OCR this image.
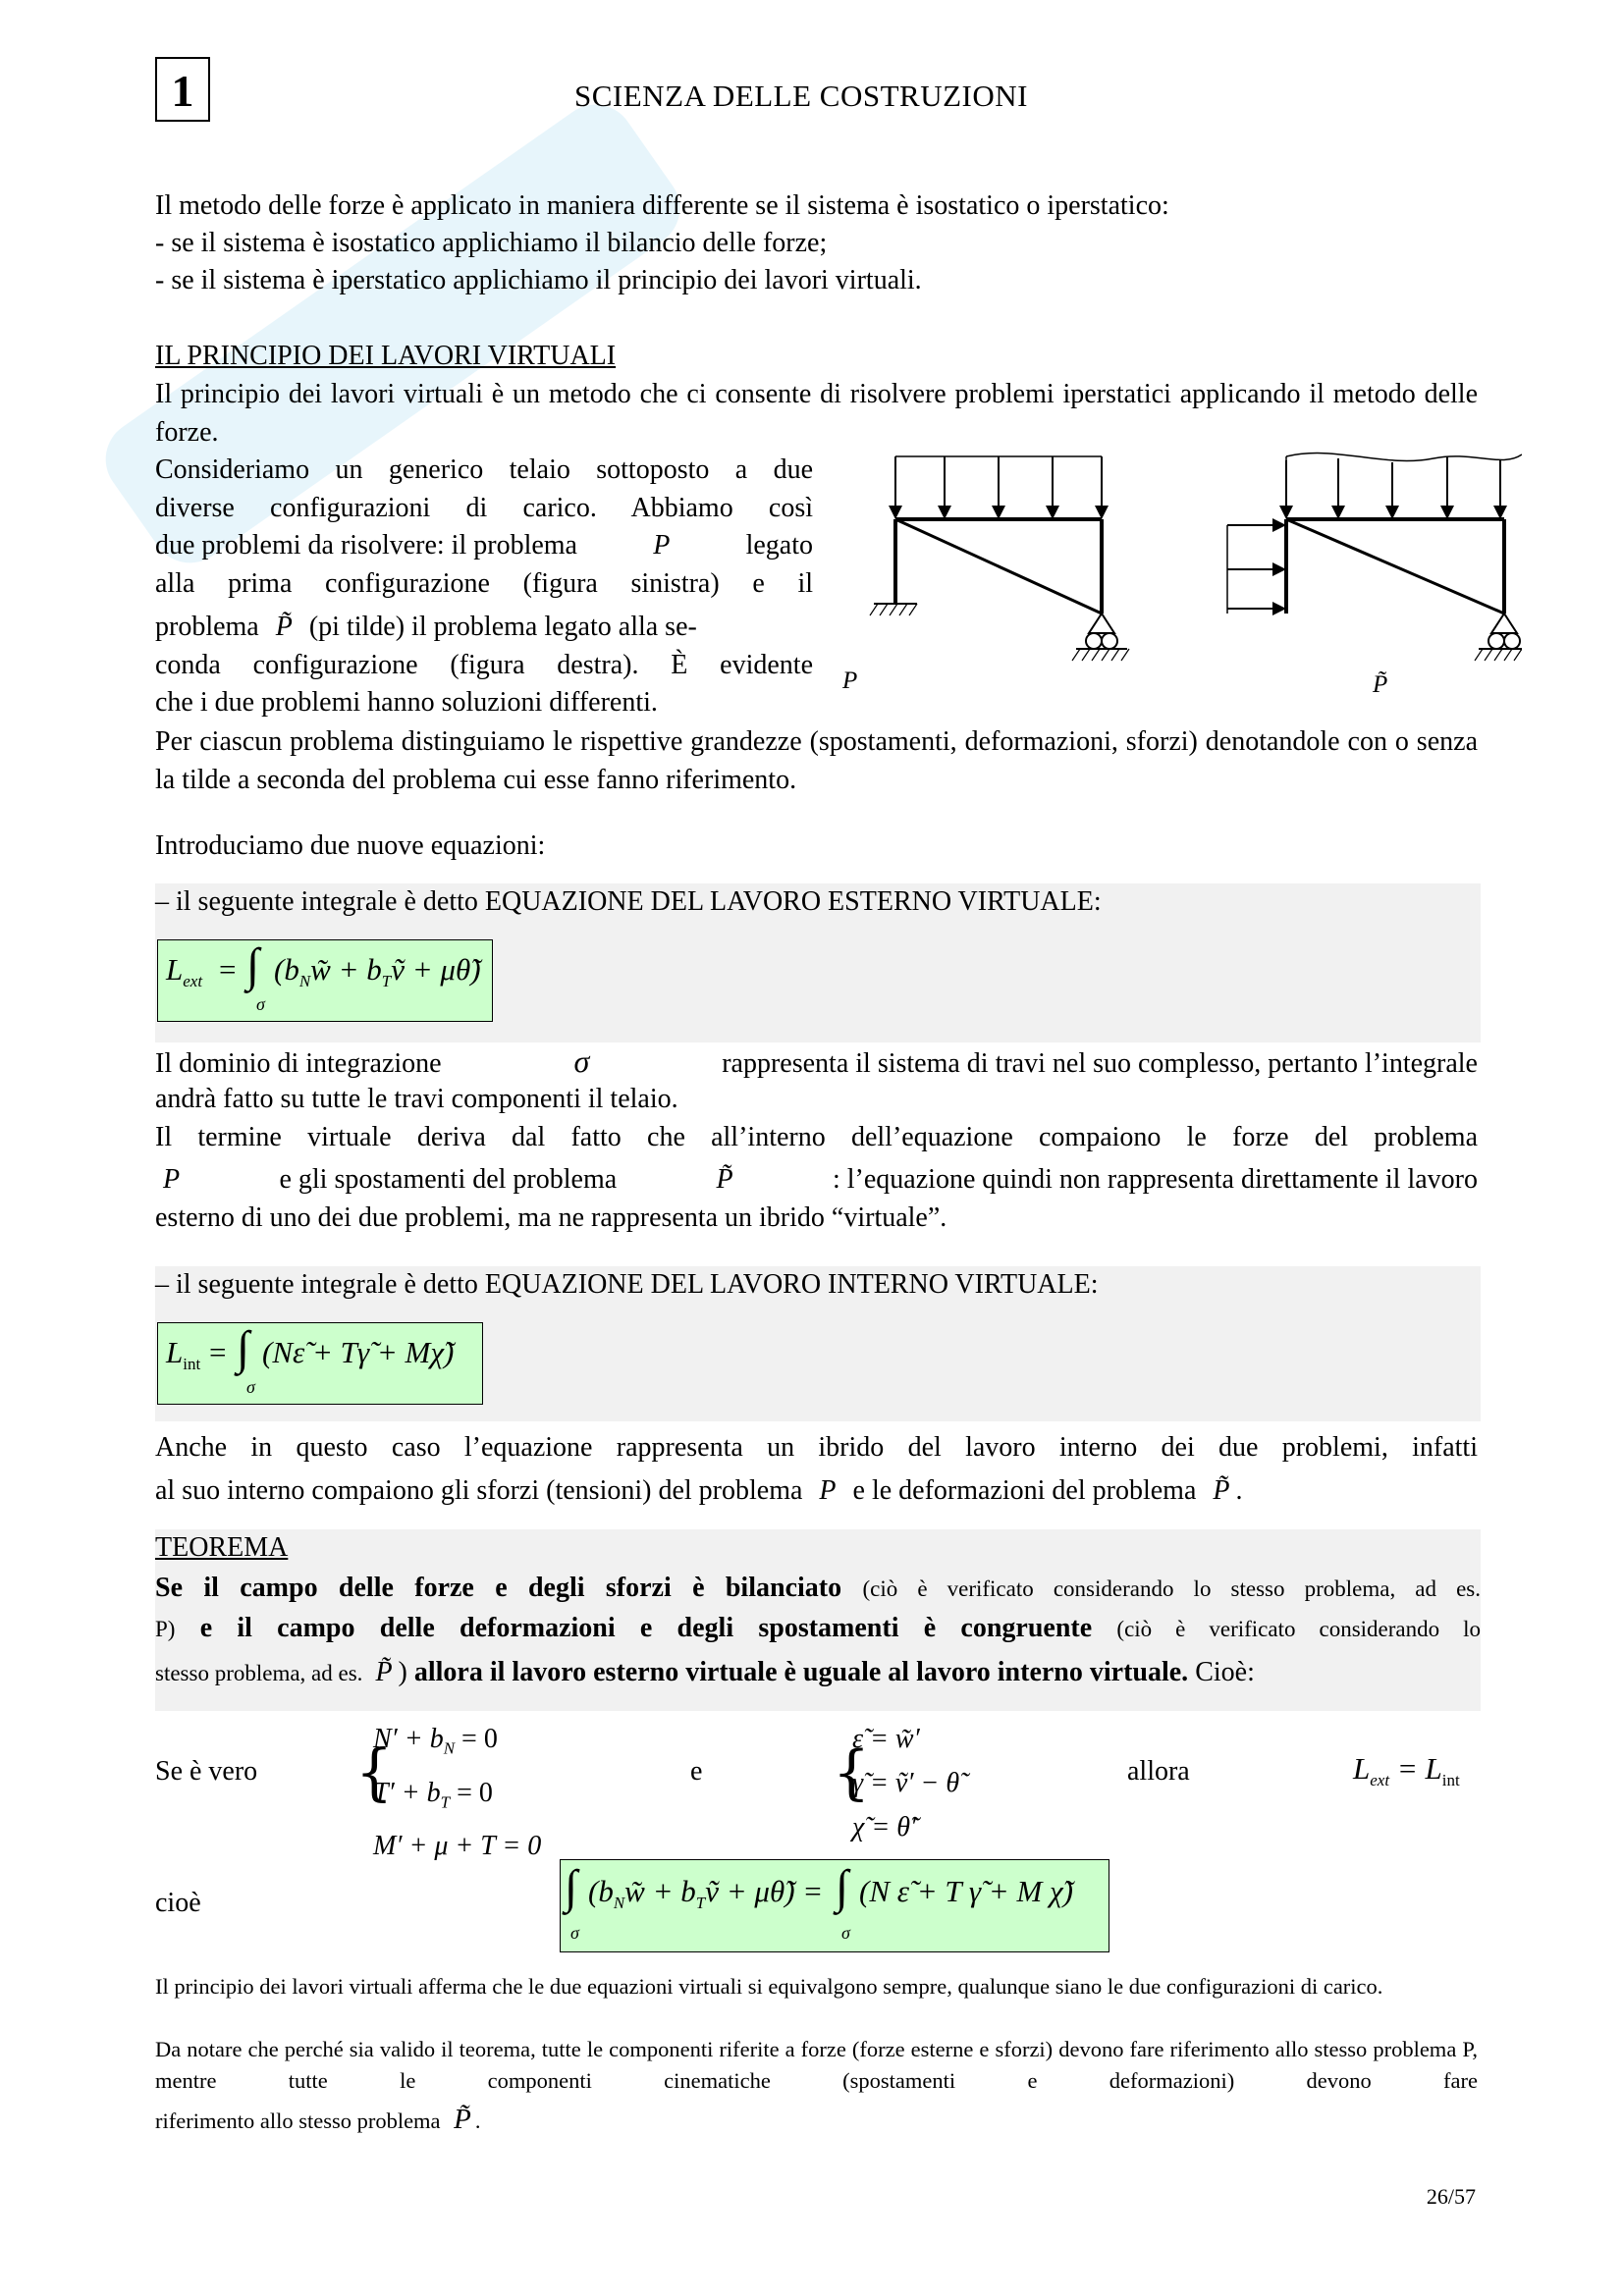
1	SCIENZA DELLE COSTRUZIONI
Il metodo delle forze è applicato in maniera differente se il sistema è isostatico o iperstatico:
- se il sistema è isostatico applichiamo il bilancio delle forze;
- se il sistema è iperstatico applichiamo il principio dei lavori virtuali.
IL PRINCIPIO DEI LAVORI VIRTUALI
Il principio dei lavori virtuali è un metodo che ci consente di risolvere problemi iperstatici applicando il metodo delle forze.
Consideriamo un generico telaio sottoposto a due
diverse configurazioni di carico. Abbiamo così
due problemi da risolvere: il problema	P	legato
alla prima configurazione (figura sinistra) e il
problema P̃ (pi tilde) il problema legato alla se-
conda configurazione (figura destra). È evidente
che i due problemi hanno soluzioni differenti.
P	P̃
Per ciascun problema distinguiamo le rispettive grandezze (spostamenti, deformazioni, sforzi) denotandole con o senza la tilde a seconda del problema cui esse fanno riferimento.
Introduciamo due nuove equazioni:
– il seguente integrale è detto EQUAZIONE DEL LAVORO ESTERNO VIRTUALE:
$L_{ext}$ = ∫
σ
($b_Nw̃$ + $b_Tṽ$ + μθ̃)
Il dominio di integrazione	σ	rappresenta il sistema di travi nel suo complesso, pertanto l’integrale
andrà fatto su tutte le travi componenti il telaio.
Il termine virtuale deriva dal fatto che all’interno dell’equazione compaiono le forze del problema
P	e gli spostamenti del problema	P̃	: l’equazione quindi non rappresenta direttamente il lavoro
esterno di uno dei due problemi, ma ne rappresenta un ibrido “virtuale”.
– il seguente integrale è detto EQUAZIONE DEL LAVORO INTERNO VIRTUALE:
$L_{int}$ = ∫
σ
(Nε̃ + Tγ̃ + Mχ̃)
Anche in questo caso l’equazione rappresenta un ibrido del lavoro interno dei due problemi, infatti
al suo interno compaiono gli sforzi (tensioni) del problema P e le deformazioni del problema P̃ .
TEOREMA
Se il campo delle forze e degli sforzi è bilanciato (ciò è verificato considerando lo stesso problema, ad es.
P) e il campo delle deformazioni e degli spostamenti è congruente (ciò è verificato considerando lo
stesso problema, ad es. P̃ ) allora il lavoro esterno virtuale è uguale al lavoro interno virtuale. Cioè:
Se è vero {
$N' + b_N = 0$
$T' + b_T = 0$
M′ + μ + T = 0
e {
ε̃ = w̃′
γ̃ = ṽ′ − θ̃
χ̃ = θ̃′
allora	$L_{ext} = L_{int}$
cioè	∫
σ
($b_Nw̃$ + $b_Tṽ$ + μθ̃) = ∫
σ
(N ε̃ + T γ̃ + M χ̃)
Il principio dei lavori virtuali afferma che le due equazioni virtuali si equivalgono sempre, qualunque siano le due configurazioni di carico.
Da notare che perché sia valido il teorema, tutte le componenti riferite a forze (forze esterne e sforzi) devono fare riferimento allo stesso problema P, mentre tutte le componenti cinematiche (spostamenti e deformazioni) devono fare
riferimento allo stesso problema P̃ .
26/57
